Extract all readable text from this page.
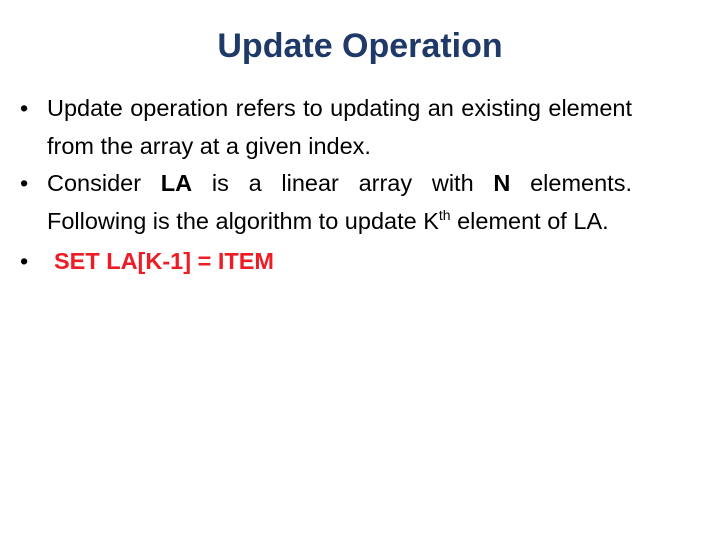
Update Operation
• Update operation refers to updating an existing element from the array at a given index.
• Consider LA is a linear array with N elements. Following is the algorithm to update $K^{th}$ element of LA.
•	SET LA[K-1] = ITEM
